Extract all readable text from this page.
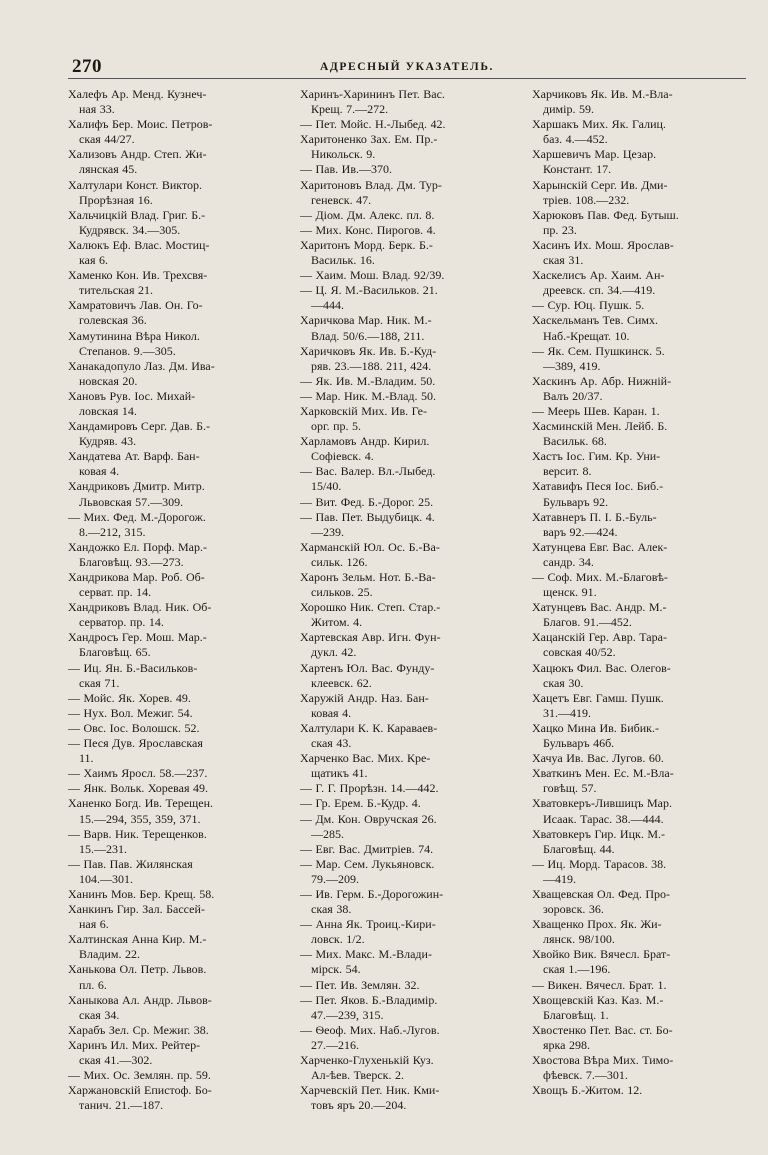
270	АДРЕСНЫЙ УКАЗАТЕЛЬ.

Халефъ Ар. Менд. Кузнеч-
ная 33.

Халифъ Бер. Моис. Петров-
ская 44/27.

Хализовъ Андр. Степ. Жи-
лянская 45.

Халтулари Конст. Виктор.
Прорѣзная 16.

Хальчицкій Влад. Григ. Б.-
Кудрявск. 34.—305.

Халюкъ Еф. Влас. Мостиц-
кая 6.

Хаменко Кон. Ив. Трехсвя-
тительская 21.

Хамратовичъ Лав. Он. Го-
голевская 36.

Хамутинина Вѣра Никол.
Степанов. 9.—305.

Ханакадопуло Лаз. Дм. Ива-
новская 20.

Хановъ Рув. Іос. Михай-
ловская 14.

Хандамировъ Серг. Дав. Б.-
Кудряв. 43.

Хандатева Ат. Варф. Бан-
ковая 4.

Хандриковъ Дмитр. Митр.
Львовская 57.—309.

— Мих. Фед. М.-Дорогож.
8.—212, 315.

Хандожко Ел. Порф. Мар.-
Благовѣщ. 93.—273.

Хандрикова Мар. Роб. Об-
серват. пр. 14.

Хандриковъ Влад. Ник. Об-
серватор. пр. 14.

Хандросъ Гер. Мош. Мар.-
Благовѣщ. 65.

— Иц. Ян. Б.-Васильков-
ская 71.

— Мойс. Як. Хорев. 49.

— Нух. Вол. Межиг. 54.

— Овс. Іос. Волошск. 52.

— Песя Дув. Ярославская
11.

— Хаимъ Яросл. 58.—237.

— Янк. Вольк. Хоревая 49.

Ханенко Богд. Ив. Терещен.
15.—294, 355, 359, 371.

— Варв. Ник. Терещенков.
15.—231.

— Пав. Пав. Жилянская
104.—301.

Ханинъ Мов. Бер. Крещ. 58.

Ханкинъ Гир. Зал. Бассей-
ная 6.

Халтинская Анна Кир. М.-
Владим. 22.

Ханькова Ол. Петр. Львов.
пл. 6.

Ханыкова Ал. Андр. Львов-
ская 34.

Харабъ Зел. Ср. Межиг. 38.

Харинъ Ил. Мих. Рейтер-
ская 41.—302.

— Мих. Ос. Землян. пр. 59.

Харжановскій Епистоф. Бо-
танич. 21.—187.

Харинъ-Харининъ Пет. Вас.
Крещ. 7.—272.

— Пет. Мойс. Н.-Лыбед. 42.

Харитоненко Зах. Ем. Пр.-
Никольск. 9.

— Пав. Ив.—370.

Харитоновъ Влад. Дм. Тур-
геневск. 47.

— Діом. Дм. Алекс. пл. 8.

— Мих. Конс. Пирогов. 4.

Харитонъ Морд. Берк. Б.-
Васильк. 16.

— Хаим. Мош. Влад. 92/39.

— Ц. Я. М.-Васильков. 21.
—444.

Харичкова Мар. Ник. М.-
Влад. 50/6.—188, 211.

Харичковъ Як. Ив. Б.-Куд-
ряв. 23.—188. 211, 424.

— Як. Ив. М.-Владим. 50.

— Мар. Ник. М.-Влад. 50.

Харковскій Мих. Ив. Ге-
орг. пр. 5.

Харламовъ Андр. Кирил.
Софіевск. 4.

— Вас. Валер. Вл.-Лыбед.
15/40.

— Вит. Фед. Б.-Дорог. 25.

— Пав. Пет. Выдубицк. 4.
—239.

Харманскій Юл. Ос. Б.-Ва-
сильк. 126.

Харонъ Зельм. Нот. Б.-Ва-
сильков. 25.

Хорошко Ник. Степ. Стар.-
Житом. 4.

Хартевская Авр. Игн. Фун-
дукл. 42.

Хартенъ Юл. Вас. Фунду-
клеевск. 62.

Харужій Андр. Наз. Бан-
ковая 4.

Халтулари К. К. Караваев-
ская 43.

Харченко Вас. Мих. Кре-
щатикъ 41.

— Г. Г. Прорѣзн. 14.—442.

— Гр. Ерем. Б.-Кудр. 4.

— Дм. Кон. Овручская 26.
—285.

— Евг. Вас. Дмитріев. 74.

— Мар. Сем. Лукьяновск.
79.—209.

— Ив. Герм. Б.-Дорогожин-
ская 38.

— Анна Як. Троиц.-Кири-
ловск. 1/2.

— Мих. Макс. М.-Влади-
мірск. 54.

— Пет. Ив. Землян. 32.

— Пет. Яков. Б.-Владимір.
47.—239, 315.

— Ѳеоф. Мих. Наб.-Лугов.
27.—216.

Харченко-Глухенькій Куз.
Ал-ѣев. Тверск. 2.

Харчевскій Пет. Ник. Кми-
товъ яръ 20.—204.

Харчиковъ Як. Ив. М.-Вла-
димір. 59.

Харшакъ Мих. Як. Галиц.
баз. 4.—452.

Харшевичъ Мар. Цезар.
Констант. 17.

Харынскій Серг. Ив. Дми-
тріев. 108.—232.

Харюковъ Пав. Фед. Бутыш.
пр. 23.

Хасинъ Их. Мош. Ярослав-
ская 31.

Хаскелисъ Ар. Хаим. Ан-
дреевск. сп. 34.—419.

— Сур. Юц. Пушк. 5.

Хаскельманъ Тев. Симх.
Наб.-Крещат. 10.

— Як. Сем. Пушкинск. 5.
—389, 419.

Хаскинъ Ар. Абр. Нижній-
Валъ 20/37.

— Меерь Шев. Каран. 1.

Хасминскій Мен. Лейб. Б.
Васильк. 68.

Хастъ Іос. Гим. Кр. Уни-
версит. 8.

Хатавифъ Песя Іос. Биб.-
Бульваръ 92.

Хатавнеръ П. І. Б.-Буль-
варъ 92.—424.

Хатунцева Евг. Вас. Алек-
сандр. 34.

— Соф. Мих. М.-Благовѣ-
щенск. 91.

Хатунцевъ Вас. Андр. М.-
Благов. 91.—452.

Хацанскій Гер. Авр. Тара-
совская 40/52.

Хацюкъ Фил. Вас. Олегов-
ская 30.

Хацетъ Евг. Гамш. Пушк.
31.—419.

Хацко Мина Ив. Бибик.-
Бульваръ 46б.

Хачуа Ив. Вас. Лугов. 60.

Хваткинъ Мен. Ес. М.-Вла-
говѣщ. 57.

Хватовкеръ-Лившицъ Мар.
Исаак. Тарас. 38.—444.

Хватовкеръ Гир. Ицк. М.-
Благовѣщ. 44.

— Иц. Морд. Тарасов. 38.
—419.

Хващевская Ол. Фед. Про-
зоровск. 36.

Хващенко Прох. Як. Жи-
лянск. 98/100.

Хвойко Вик. Вячесл. Брат-
ская 1.—196.

— Викен. Вячесл. Брат. 1.

Хвощевскій Каз. Каз. М.-
Благовѣщ. 1.

Хвостенко Пет. Вас. ст. Бо-
ярка 298.

Хвостова Вѣра Мих. Тимо-
фѣевск. 7.—301.

Хвощъ Б.-Житом. 12.
